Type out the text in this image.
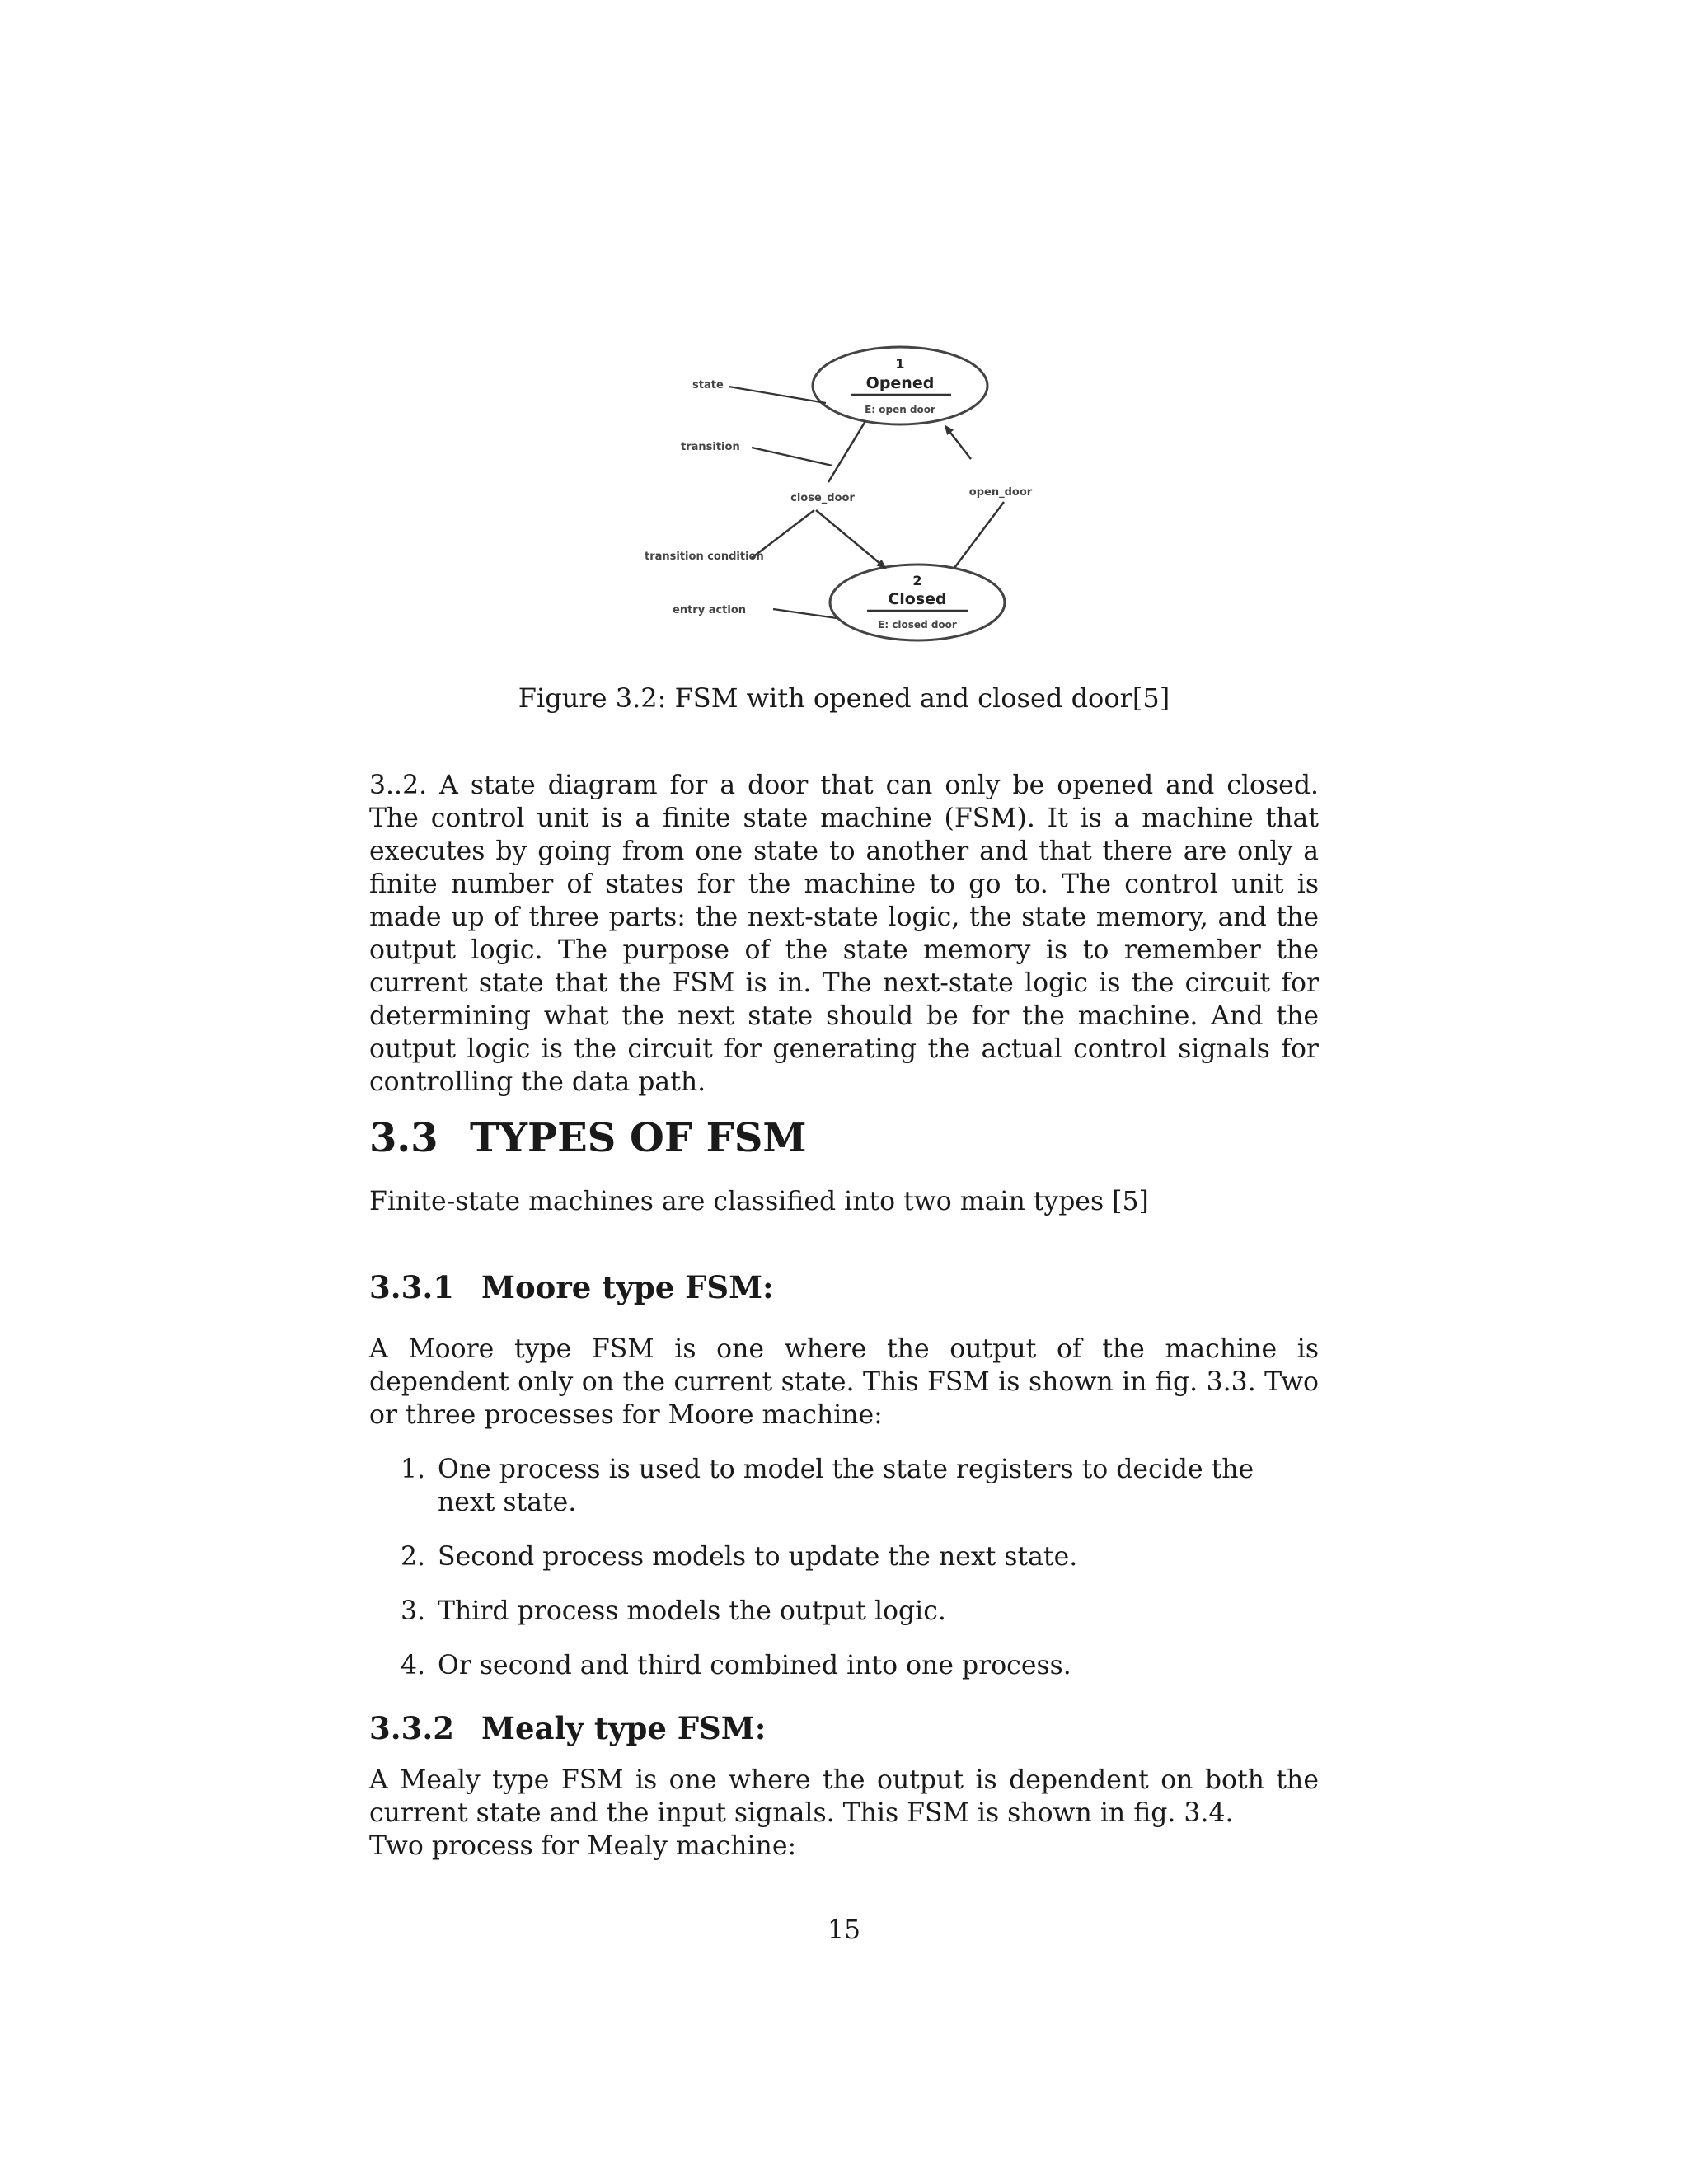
1
Opened
E: open door
2
Closed
E: closed door
close_door	open_door
state
transition
transition condition
entry action
Figure 3.2: FSM with opened and closed door[5]

3..2. A state diagram for a door that can only be opened and closed. The control unit is a finite state machine (FSM). It is a machine that executes by going from one state to another and that there are only a finite number of states for the machine to go to. The control unit is made up of three parts: the next-state logic, the state memory, and the output logic. The purpose of the state memory is to remember the current state that the FSM is in. The next-state logic is the circuit for determining what the next state should be for the machine. And the output logic is the circuit for generating the actual control signals for controlling the data path.

3.3 TYPES OF FSM

Finite-state machines are classified into two main types [5]

3.3.1 Moore type FSM:

A Moore type FSM is one where the output of the machine is dependent only on the current state. This FSM is shown in fig. 3.3. Two or three processes for Moore machine:

1. One process is used to model the state registers to decide the next state.
2. Second process models to update the next state.
3. Third process models the output logic.
4. Or second and third combined into one process.
3.3.2 Mealy type FSM:

A Mealy type FSM is one where the output is dependent on both the current state and the input signals. This FSM is shown in fig. 3.4.

Two process for Mealy machine:

15
